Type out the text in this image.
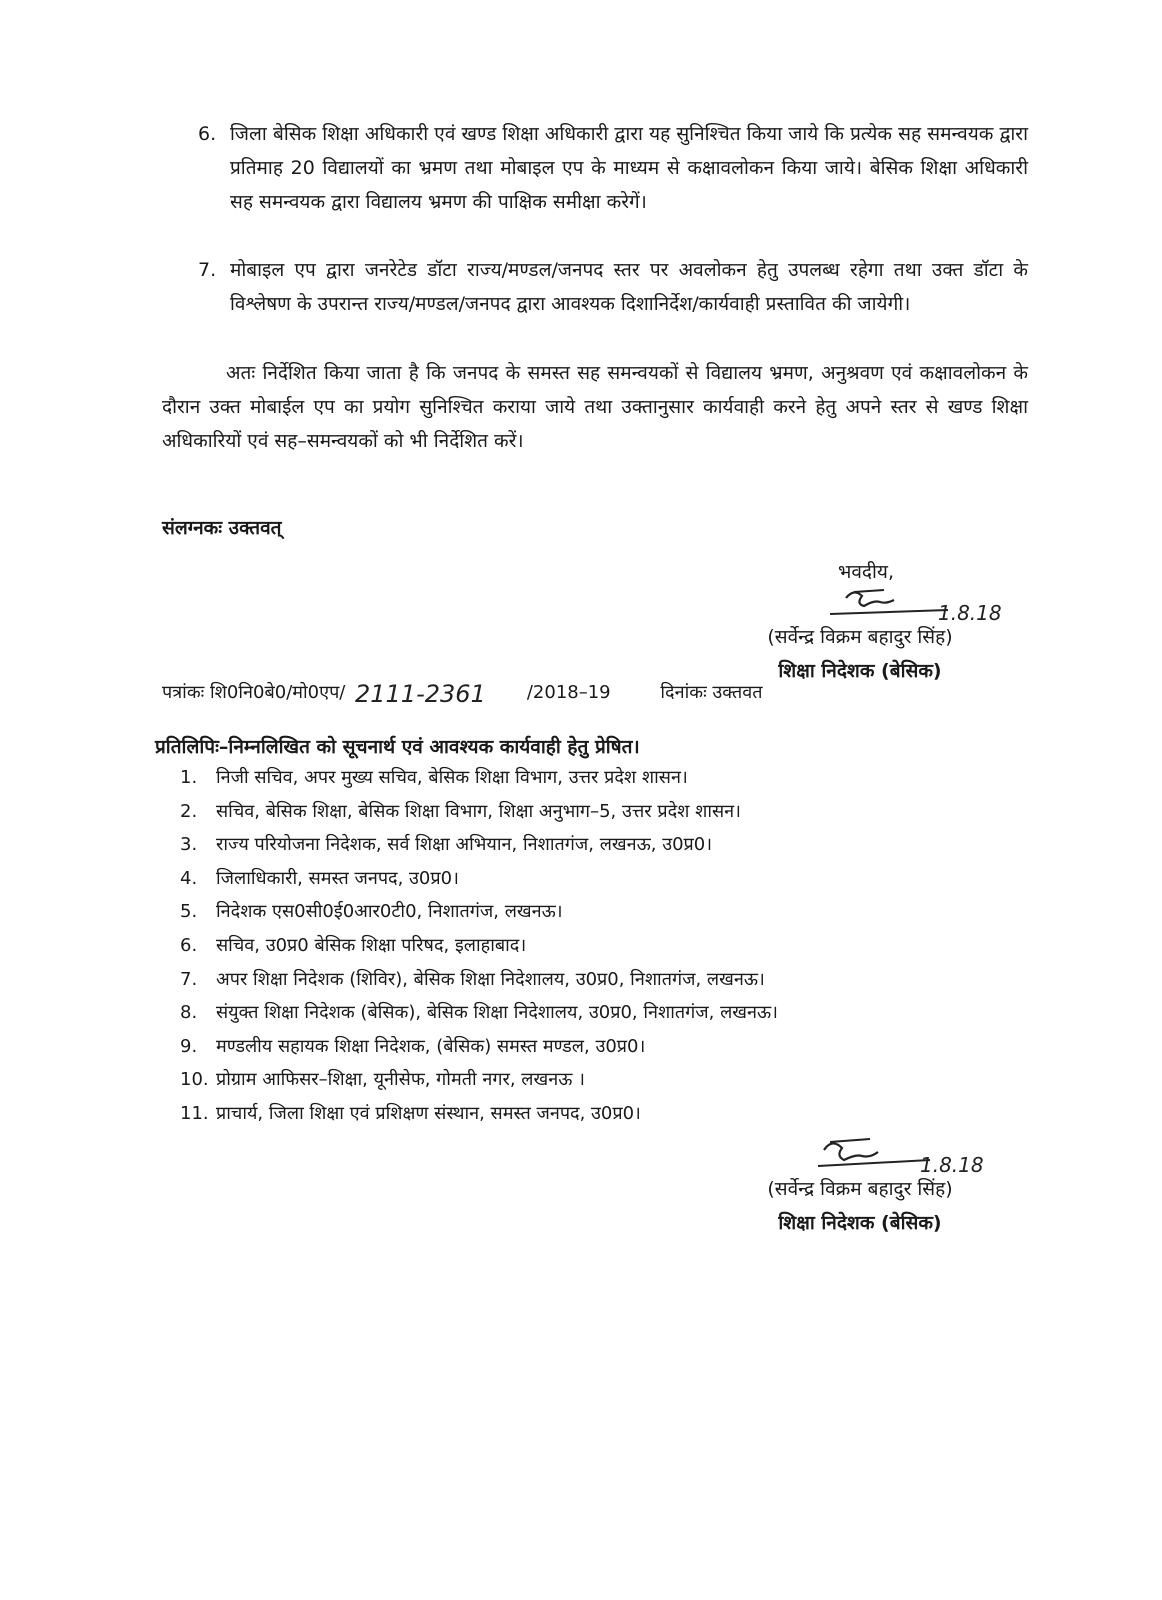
6. जिला बेसिक शिक्षा अधिकारी एवं खण्ड शिक्षा अधिकारी द्वारा यह सुनिश्चित किया जाये कि प्रत्येक सह समन्वयक द्वारा प्रतिमाह 20 विद्यालयों का भ्रमण तथा मोबाइल एप के माध्यम से कक्षावलोकन किया जाये। बेसिक शिक्षा अधिकारी सह समन्वयक द्वारा विद्यालय भ्रमण की पाक्षिक समीक्षा करेगें।
7. मोबाइल एप द्वारा जनरेटेड डॉटा राज्य/मण्डल/जनपद स्तर पर अवलोकन हेतु उपलब्ध रहेगा तथा उक्त डॉटा के विश्लेषण के उपरान्त राज्य/मण्डल/जनपद द्वारा आवश्यक दिशानिर्देश/कार्यवाही प्रस्तावित की जायेगी।
अतः निर्देशित किया जाता है कि जनपद के समस्त सह समन्वयकों से विद्यालय भ्रमण, अनुश्रवण एवं कक्षावलोकन के दौरान उक्त मोबाईल एप का प्रयोग सुनिश्चित कराया जाये तथा उक्तानुसार कार्यवाही करने हेतु अपने स्तर से खण्ड शिक्षा अधिकारियों एवं सह–समन्वयकों को भी निर्देशित करें।
संलग्नकः उक्तवत्
भवदीय,
1.8.18
(सर्वेन्द्र विक्रम बहादुर सिंह)
शिक्षा निदेशक (बेसिक)
पत्रांकः शि0नि0बे0/मो0एप/ 2111-2361 /2018–19	दिनांकः उक्तवत
प्रतिलिपिः–निम्नलिखित को सूचनार्थ एवं आवश्यक कार्यवाही हेतु प्रेषित।
1. निजी सचिव, अपर मुख्य सचिव, बेसिक शिक्षा विभाग, उत्तर प्रदेश शासन।
2. सचिव, बेसिक शिक्षा, बेसिक शिक्षा विभाग, शिक्षा अनुभाग–5, उत्तर प्रदेश शासन।
3. राज्य परियोजना निदेशक, सर्व शिक्षा अभियान, निशातगंज, लखनऊ, उ0प्र0।
4. जिलाधिकारी, समस्त जनपद, उ0प्र0।
5. निदेशक एस0सी0ई0आर0टी0, निशातगंज, लखनऊ।
6. सचिव, उ0प्र0 बेसिक शिक्षा परिषद, इलाहाबाद।
7. अपर शिक्षा निदेशक (शिविर), बेसिक शिक्षा निदेशालय, उ0प्र0, निशातगंज, लखनऊ।
8. संयुक्त शिक्षा निदेशक (बेसिक), बेसिक शिक्षा निदेशालय, उ0प्र0, निशातगंज, लखनऊ।
9. मण्डलीय सहायक शिक्षा निदेशक, (बेसिक) समस्त मण्डल, उ0प्र0।
10. प्रोग्राम आफिसर–शिक्षा, यूनीसेफ, गोमती नगर, लखनऊ ।
11. प्राचार्य, जिला शिक्षा एवं प्रशिक्षण संस्थान, समस्त जनपद, उ0प्र0।
1.8.18
(सर्वेन्द्र विक्रम बहादुर सिंह)
शिक्षा निदेशक (बेसिक)
